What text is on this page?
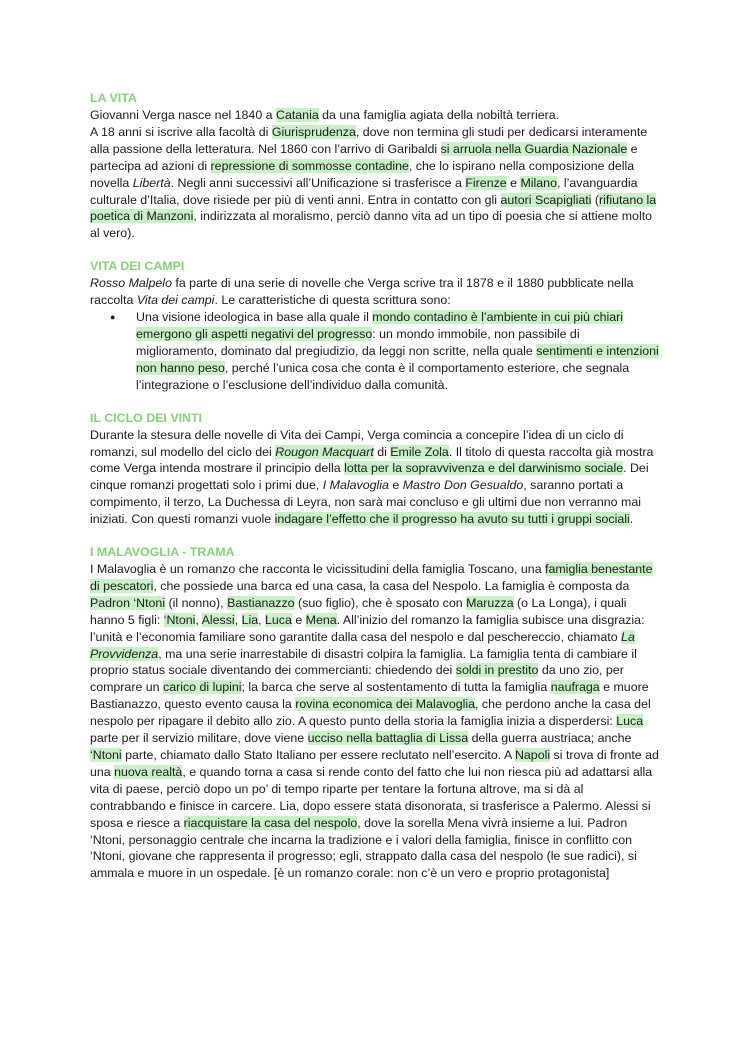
LA VITA

Giovanni Verga nasce nel 1840 a Catania da una famiglia agiata della nobiltà terriera.

A 18 anni si iscrive alla facoltà di Giurisprudenza, dove non termina gli studi per dedicarsi interamente alla passione della letteratura. Nel 1860 con l’arrivo di Garibaldi si arruola nella Guardia Nazionale e partecipa ad azioni di repressione di sommosse contadine, che lo ispirano nella composizione della novella Libertà. Negli anni successivi all’Unificazione si trasferisce a Firenze e Milano, l’avanguardia culturale d’Italia, dove risiede per più di venti anni. Entra in contatto con gli autori Scapigliati (rifiutano la poetica di Manzoni, indirizzata al moralismo, perciò danno vita ad un tipo di poesia che si attiene molto al vero).

VITA DEI CAMPI

Rosso Malpelo fa parte di una serie di novelle che Verga scrive tra il 1878 e il 1880 pubblicate nella raccolta Vita dei campi. Le caratteristiche di questa scrittura sono:

● Una visione ideologica in base alla quale il mondo contadino è l’ambiente in cui più chiari emergono gli aspetti negativi del progresso: un mondo immobile, non passibile di miglioramento, dominato dal pregiudizio, da leggi non scritte, nella quale sentimenti e intenzioni non hanno peso, perché l’unica cosa che conta è il comportamento esteriore, che segnala l’integrazione o l’esclusione dell’individuo dalla comunità.
IL CICLO DEI VINTI

Durante la stesura delle novelle di Vita dei Campi, Verga comincia a concepire l’idea di un ciclo di romanzi, sul modello del ciclo dei Rougon Macquart di Emile Zola. Il titolo di questa raccolta già mostra come Verga intenda mostrare il principio della lotta per la sopravvivenza e del darwinismo sociale. Dei cinque romanzi progettati solo i primi due, I Malavoglia e Mastro Don Gesualdo, saranno portati a compimento, il terzo, La Duchessa di Leyra, non sarà mai concluso e gli ultimi due non verranno mai iniziati. Con questi romanzi vuole indagare l’effetto che il progresso ha avuto su tutti i gruppi sociali.

I MALAVOGLIA - TRAMA

I Malavoglia è un romanzo che racconta le vicissitudini della famiglia Toscano, una famiglia benestante di pescatori, che possiede una barca ed una casa, la casa del Nespolo. La famiglia è composta da Padron ‘Ntoni (il nonno), Bastianazzo (suo figlio), che è sposato con Maruzza (o La Longa), i quali hanno 5 figli: ‘Ntoni, Alessi, Lia, Luca e Mena. All’inizio del romanzo la famiglia subisce una disgrazia: l’unità e l’economia familiare sono garantite dalla casa del nespolo e dal peschereccio, chiamato La Provvidenza, ma una serie inarrestabile di disastri colpira la famiglia. La famiglia tenta di cambiare il proprio status sociale diventando dei commercianti: chiedendo dei soldi in prestito da uno zio, per comprare un carico di lupini; la barca che serve al sostentamento di tutta la famiglia naufraga e muore Bastianazzo, questo evento causa la rovina economica dei Malavoglia, che perdono anche la casa del nespolo per ripagare il debito allo zio. A questo punto della storia la famiglia inizia a disperdersi: Luca parte per il servizio militare, dove viene ucciso nella battaglia di Lissa della guerra austriaca; anche ‘Ntoni parte, chiamato dallo Stato Italiano per essere reclutato nell’esercito. A Napoli si trova di fronte ad una nuova realtà, e quando torna a casa si rende conto del fatto che lui non riesca più ad adattarsi alla vita di paese, perciò dopo un po’ di tempo riparte per tentare la fortuna altrove, ma si dà al contrabbando e finisce in carcere. Lia, dopo essere stata disonorata, si trasferisce a Palermo. Alessi si sposa e riesce a riacquistare la casa del nespolo, dove la sorella Mena vivrà insieme a lui. Padron ‘Ntoni, personaggio centrale che incarna la tradizione e i valori della famiglia, finisce in conflitto con ‘Ntoni, giovane che rappresenta il progresso; egli, strappato dalla casa del nespolo (le sue radici), si ammala e muore in un ospedale. [è un romanzo corale: non c’è un vero e proprio protagonista]
